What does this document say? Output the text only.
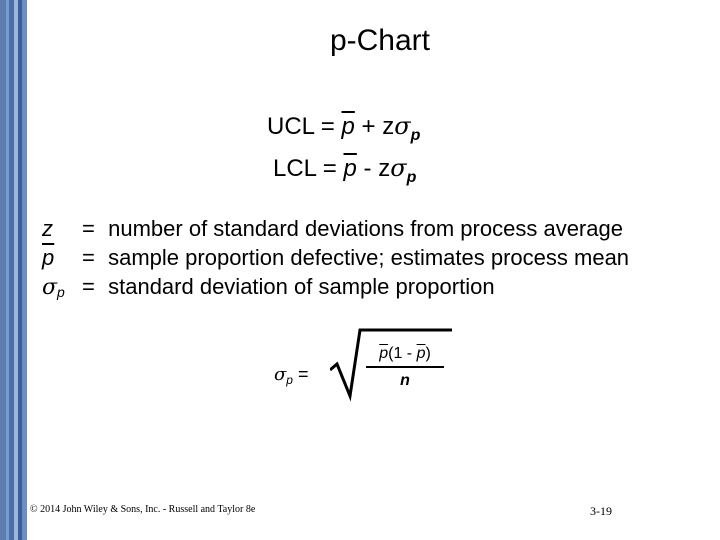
p-Chart
UCL = $\overline{p} + z\sigma_p$
LCL = $\overline{p} - z\sigma_p$
z = number of standard deviations from process average
$\overline{p}$ = sample proportion defective; estimates process mean
σp = standard deviation of sample proportion
$\sigma_p$ =
$\overline{p}(1 - \overline{p})$
n
© 2014 John Wiley & Sons, Inc. - Russell and Taylor 8e	3-19
